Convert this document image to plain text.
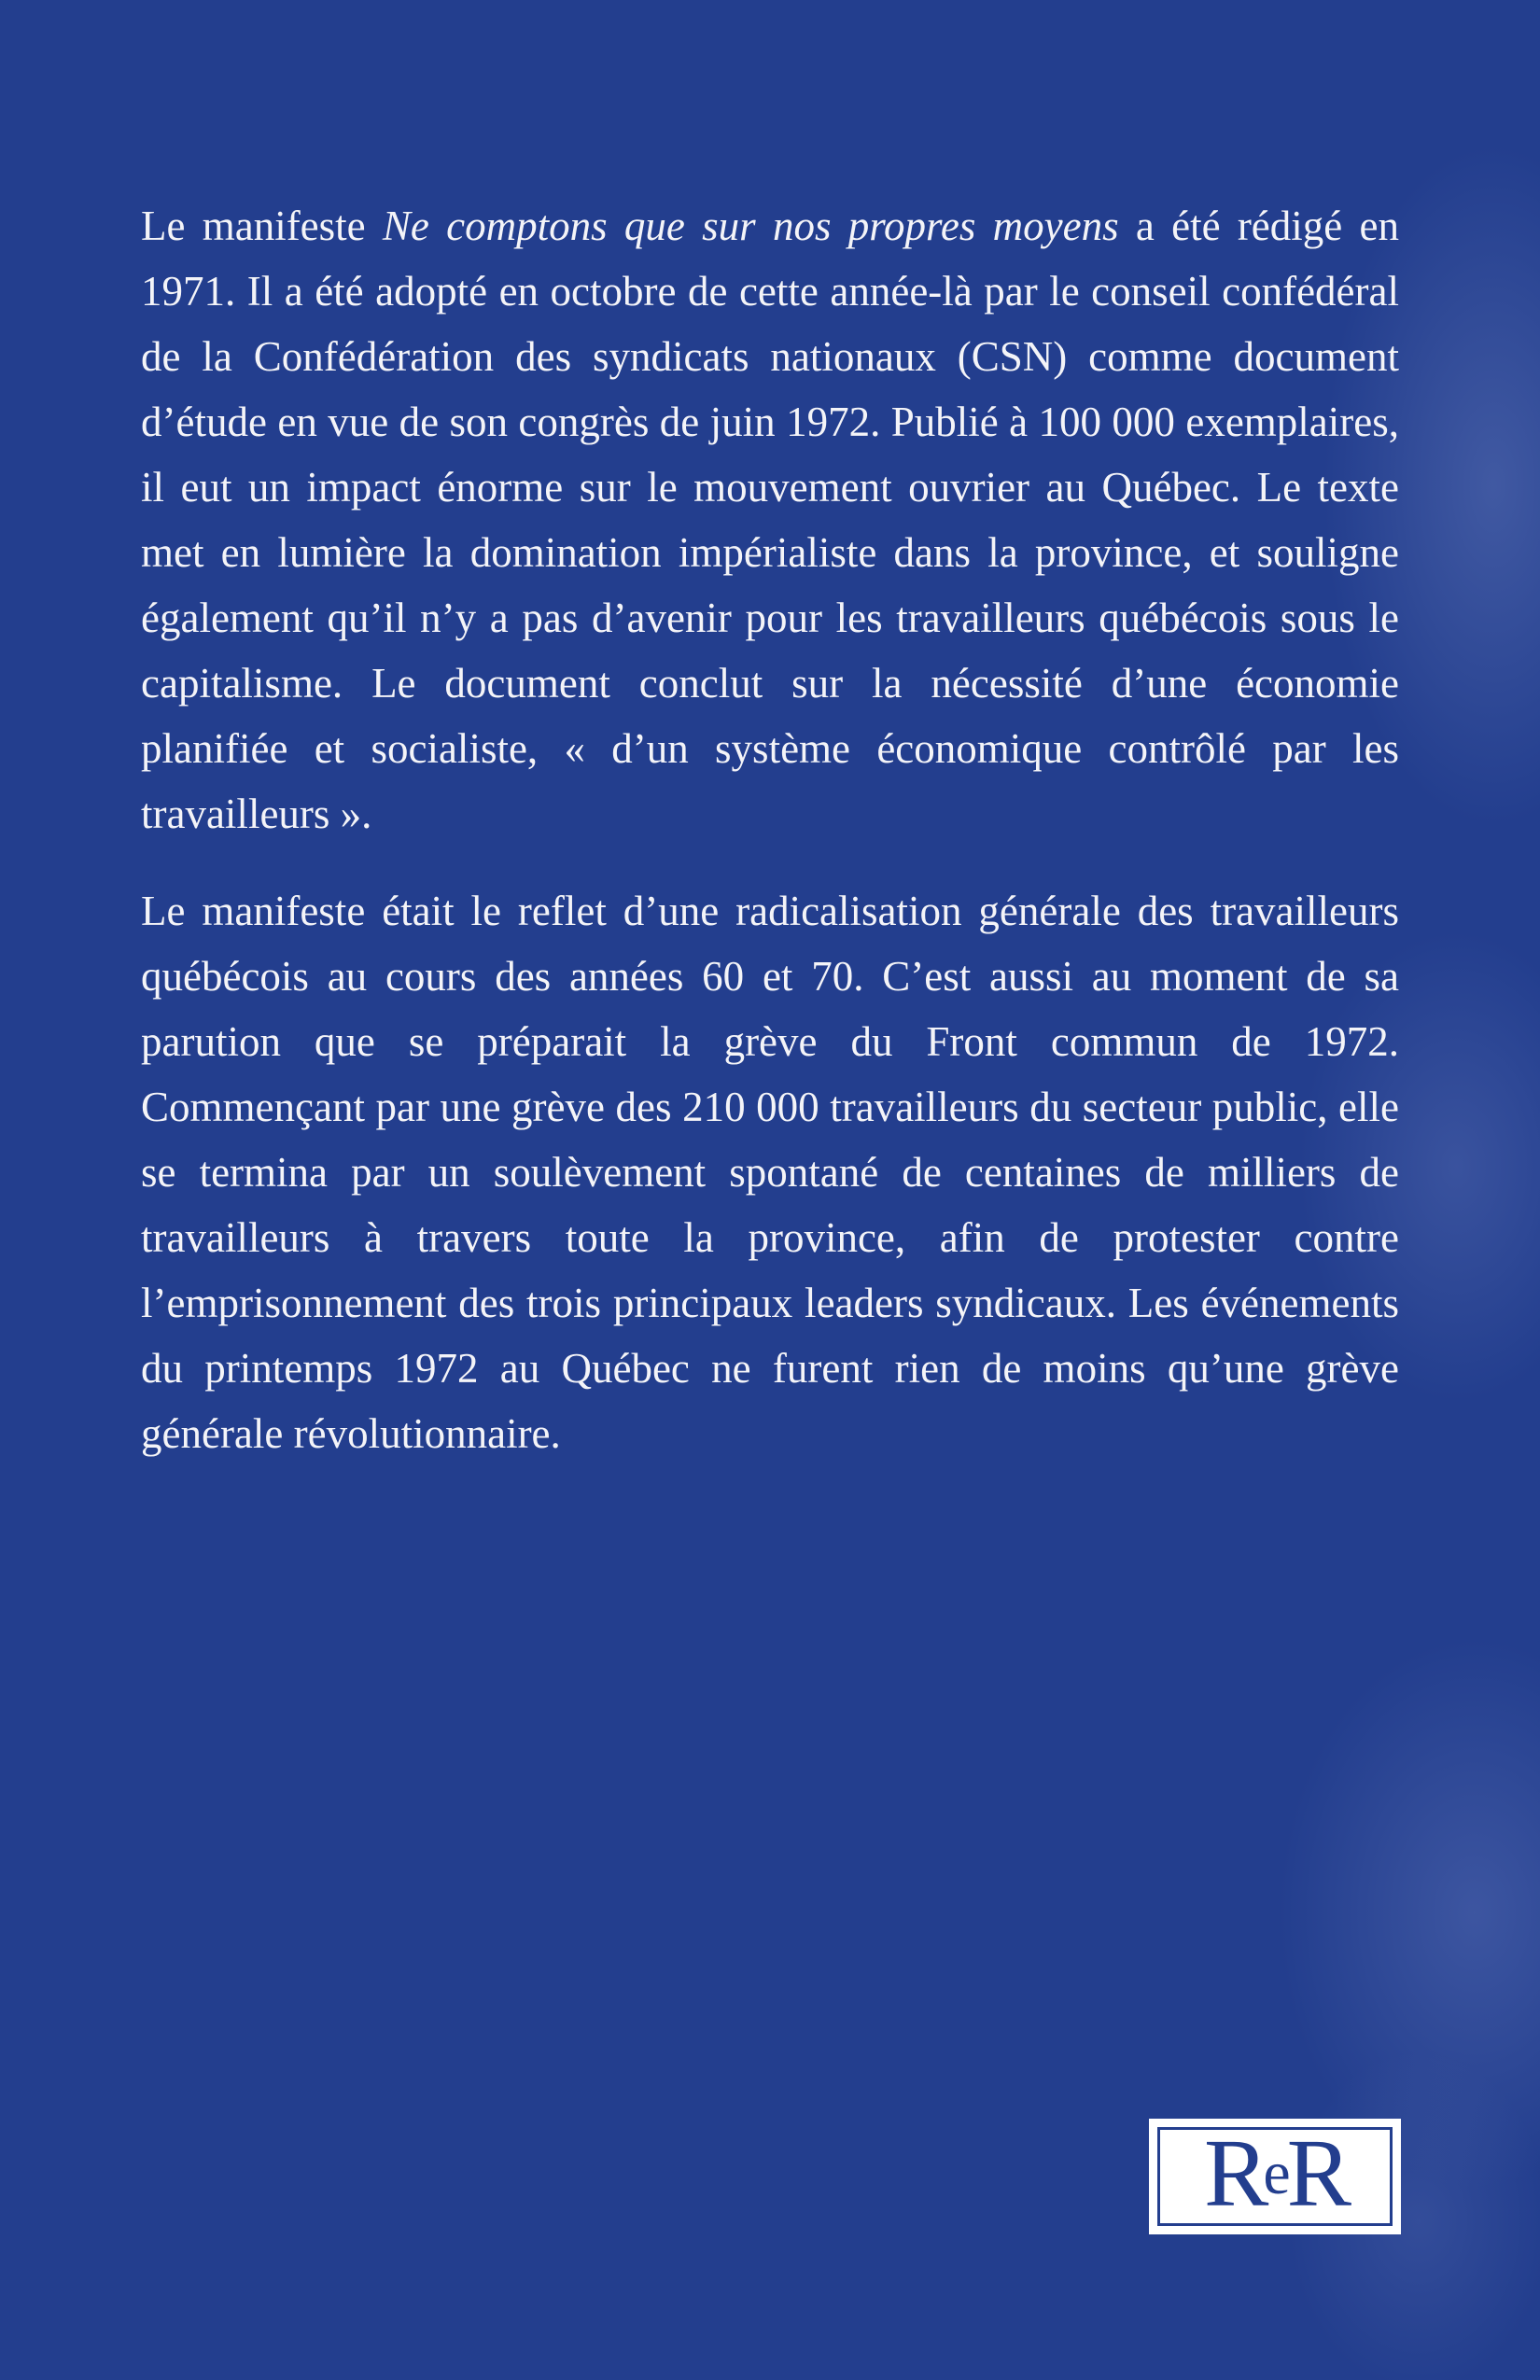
Le manifeste Ne comptons que sur nos propres moyens a été rédigé en 1971. Il a été adopté en octobre de cette année-là par le conseil confédéral de la Confédération des syndicats nationaux (CSN) comme document d’étude en vue de son congrès de juin 1972. Publié à 100 000 exemplaires, il eut un impact énorme sur le mouvement ouvrier au Québec. Le texte met en lumière la domination impérialiste dans la province, et souligne également qu’il n’y a pas d’avenir pour les travailleurs québécois sous le capitalisme. Le document conclut sur la nécessité d’une économie planifiée et socialiste, « d’un système économique contrôlé par les travailleurs ».

Le manifeste était le reflet d’une radicalisation générale des travailleurs québécois au cours des années 60 et 70. C’est aussi au moment de sa parution que se préparait la grève du Front commun de 1972. Commençant par une grève des 210 000 travailleurs du secteur public, elle se termina par un soulèvement spontané de centaines de milliers de travailleurs à travers toute la province, afin de protester contre l’emprisonnement des trois principaux leaders syndicaux. Les événements du printemps 1972 au Québec ne furent rien de moins qu’une grève générale révolutionnaire.

R e R
